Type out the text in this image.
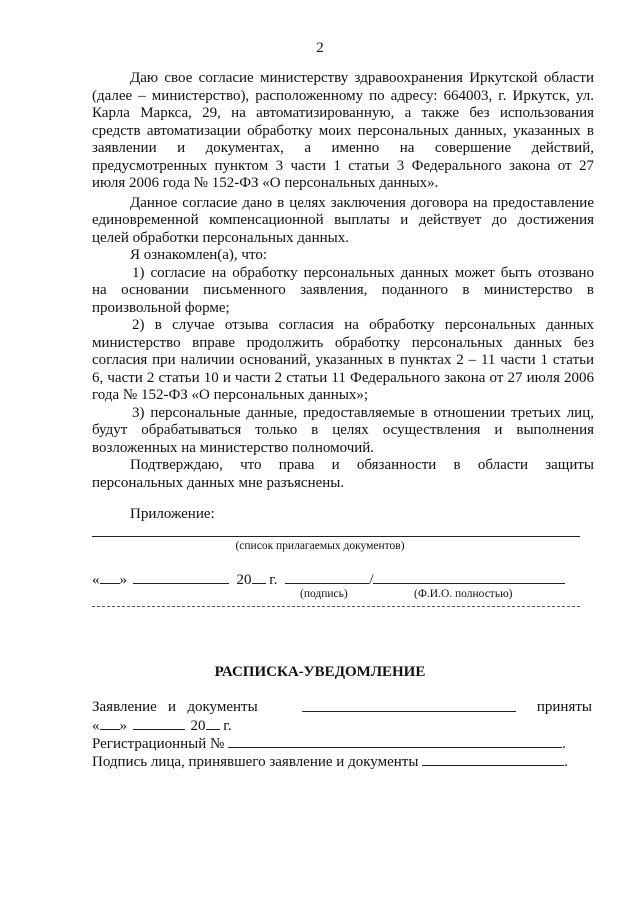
2

Даю свое согласие министерству здравоохранения Иркутской области (далее – министерство), расположенному по адресу: 664003, г. Иркутск, ул. Карла Маркса, 29, на автоматизированную, а также без использования средств автоматизации обработку моих персональных данных, указанных в заявлении и документах, а именно на совершение действий, предусмотренных пунктом 3 части 1 статьи 3 Федерального закона от 27 июля 2006 года № 152-ФЗ «О персональных данных».

Данное согласие дано в целях заключения договора на предоставление единовременной компенсационной выплаты и действует до достижения целей обработки персональных данных.

Я ознакомлен(а), что:

1) согласие на обработку персональных данных может быть отозвано на основании письменного заявления, поданного в министерство в произвольной форме;

2) в случае отзыва согласия на обработку персональных данных министерство вправе продолжить обработку персональных данных без согласия при наличии оснований, указанных в пунктах 2 – 11 части 1 статьи 6, части 2 статьи 10 и части 2 статьи 11 Федерального закона от 27 июля 2006 года № 152-ФЗ «О персональных данных»;

3) персональные данные, предоставляемые в отношении третьих лиц, будут обрабатываться только в целях осуществления и выполнения возложенных на министерство полномочий.

Подтверждаю, что права и обязанности в области защиты персональных данных мне разъяснены.

Приложение:
(список прилагаемых документов)
« »	20 г.	/
(подпись)	(Ф.И.О. полностью)
РАСПИСКА-УВЕДОМЛЕНИЕ
Заявление   и   документы	приняты
« »	20 г.
Регистрационный №	.
Подпись лица, принявшего заявление и документы	.
